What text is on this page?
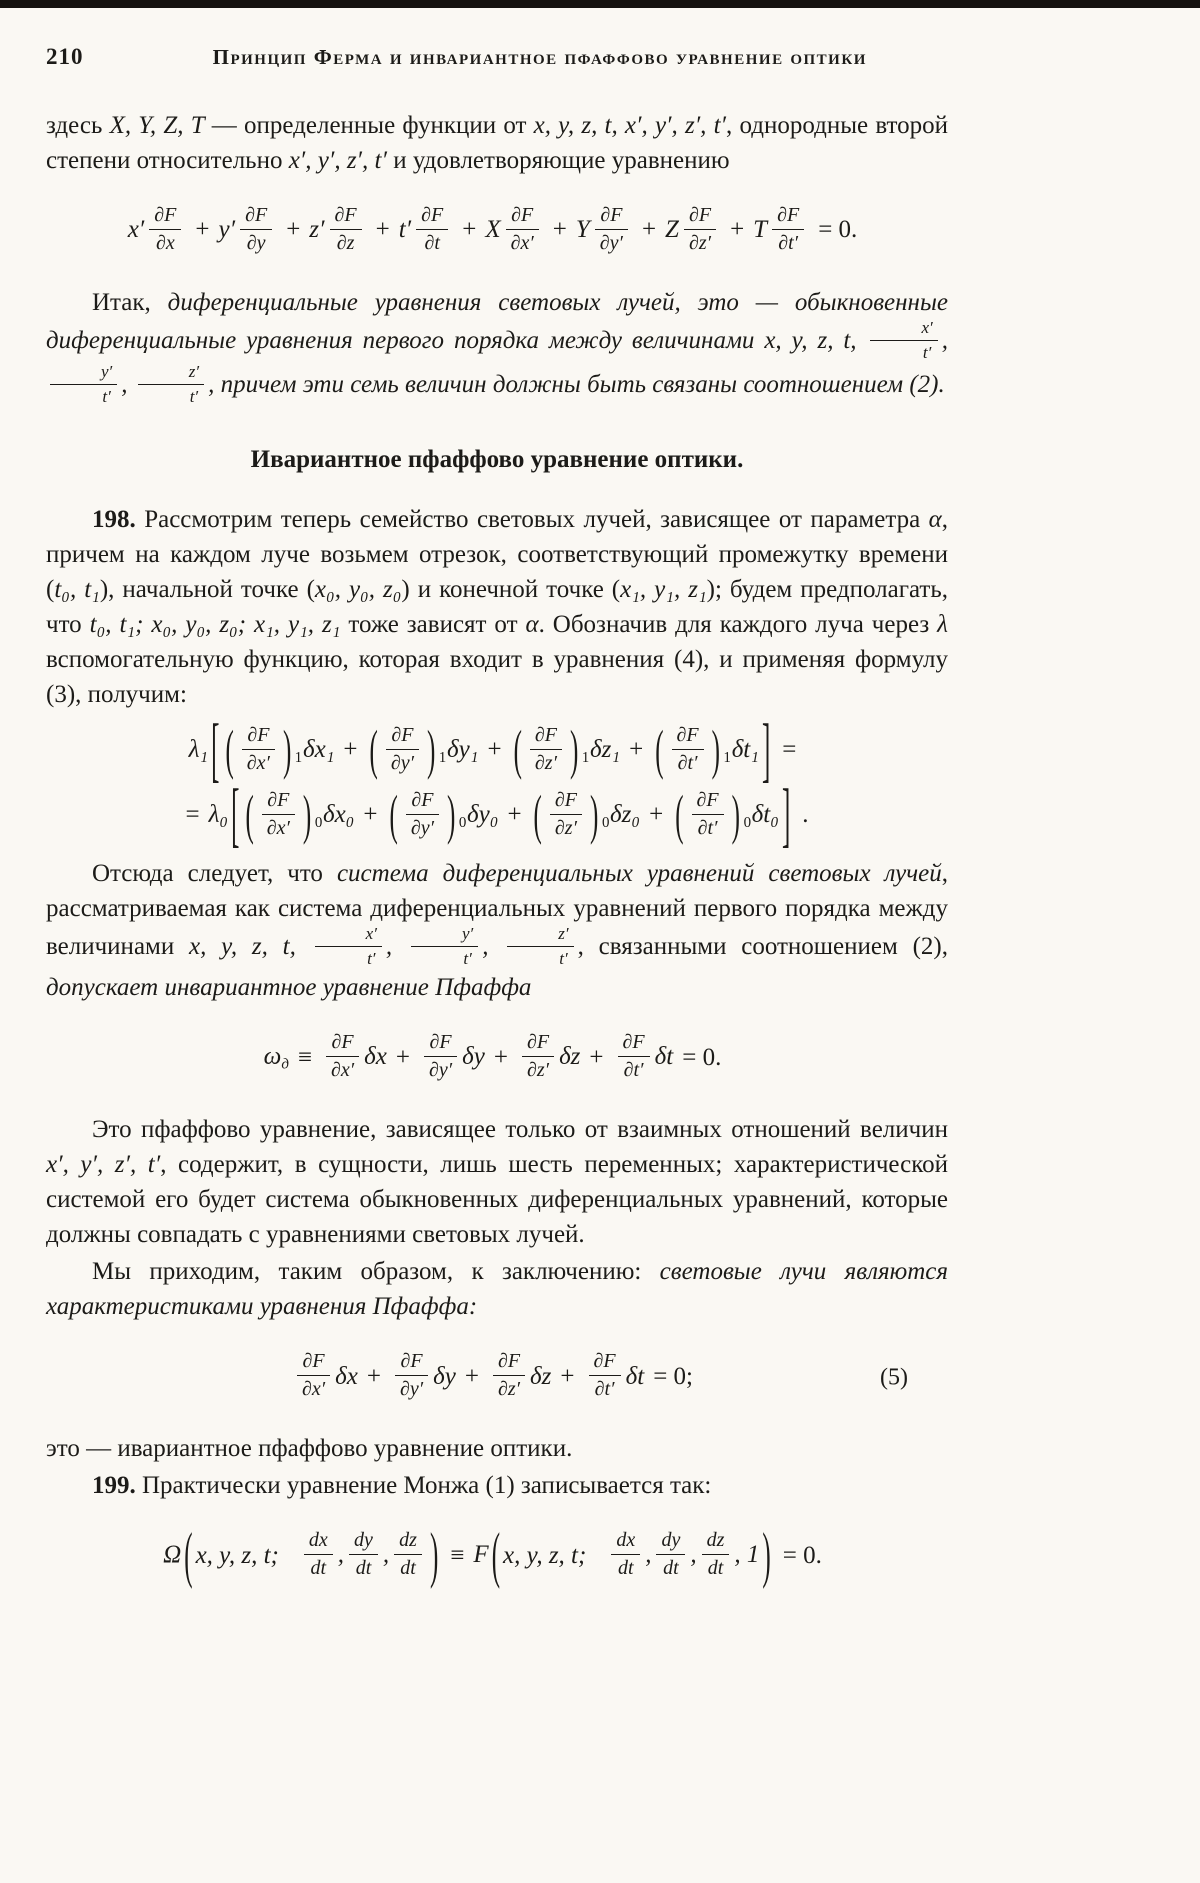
210	Принцип Ферма и инвариантное пфаффово уравнение оптики

здесь X, Y, Z, T — определенные функции от x, y, z, t, x′, y′, z′, t′, однородные второй степени относительно x′, y′, z′, t′ и удовлетворяющие уравнению

$x' \frac{\partial F}{\partial x} + y' \frac{\partial F}{\partial y} + z' \frac{\partial F}{\partial z} + t' \frac{\partial F}{\partial t} + X \frac{\partial F}{\partial x'} + Y \frac{\partial F}{\partial y'} + Z \frac{\partial F}{\partial z'} + T \frac{\partial F}{\partial t'} = 0$.

Итак, диференциальные уравнения световых лучей, это — обыкновенные диференциальные уравнения первого порядка между величинами x, y, z, t, $\frac{x'}{t'}$ ,
$\frac{y'}{t'}$ , $\frac{z'}{t'}$ , причем эти семь величин должны быть связаны соотношением (2).

Ивариантное пфаффово уравнение оптики.

198. Рассмотрим теперь семейство световых лучей, зависящее от параметра α, причем на каждом луче возьмем отрезок, соответствующий промежутку времени (t₀, t₁), начальной точке (x₀, y₀, z₀) и конечной точке (x₁, y₁, z₁); будем предполагать, что t₀, t₁; x₀, y₀, z₀; x₁, y₁, z₁ тоже зависят от α. Обозначив для каждого луча через λ вспомогательную функцию, которая входит в уравнения (4), и применяя формулу (3), получим:

λ₁ [ ( $\frac{\partial F}{\partial x'}$ ) ₁δx₁ + ( $\frac{\partial F}{\partial y'}$ ) ₁δy₁ + ( $\frac{\partial F}{\partial z'}$ ) ₁δz₁ + ( $\frac{\partial F}{\partial t'}$ ) ₁δt₁ ] =
= λ₀ [ ( $\frac{\partial F}{\partial x'}$ ) ₀δx₀ + ( $\frac{\partial F}{\partial y'}$ ) ₀δy₀ + ( $\frac{\partial F}{\partial z'}$ ) ₀δz₀ + ( $\frac{\partial F}{\partial t'}$ ) ₀δt₀ ] .

Отсюда следует, что система диференциальных уравнений световых лучей, рассматриваемая как система диференциальных уравнений первого порядка между величинами x, y, z, t, $\frac{x'}{t'}$ , $\frac{y'}{t'}$ , $\frac{z'}{t'}$ , связанными соотношением (2), допускает инвариантное уравнение Пфаффа

$\omega д \equiv \frac{\partial F}{\partial x'}$ $\delta x + \frac{\partial F}{\partial y'}$ $\delta y + \frac{\partial F}{\partial z'}$ $\delta z + \frac{\partial F}{\partial t'}$ δt = 0.

Это пфаффово уравнение, зависящее только от взаимных отношений величин x′, y′, z′, t′, содержит, в сущности, лишь шесть переменных; характеристической системой его будет система обыкновенных диференциальных уравнений, которые должны совпадать с уравнениями световых лучей.

Мы приходим, таким образом, к заключению: световые лучи являются характеристиками уравнения Пфаффа:

$\frac{\partial F}{\partial x'}$ $\delta x + \frac{\partial F}{\partial y'}$ $\delta y + \frac{\partial F}{\partial z'}$ $\delta z + \frac{\partial F}{\partial t'}$ δt = 0;	(5)

это — ивариантное пфаффово уравнение оптики.

199. Практически уравнение Монжа (1) записывается так:

Ω ( x, y, z, t; $\frac{dx}{dt}$ , $\frac{dy}{dt}$ , $\frac{dz}{dt}$ ) ≡ F ( x, y, z, t; $\frac{dx}{dt}$ , $\frac{dy}{dt}$ , $\frac{dz}{dt}$ , 1 ) = 0.
